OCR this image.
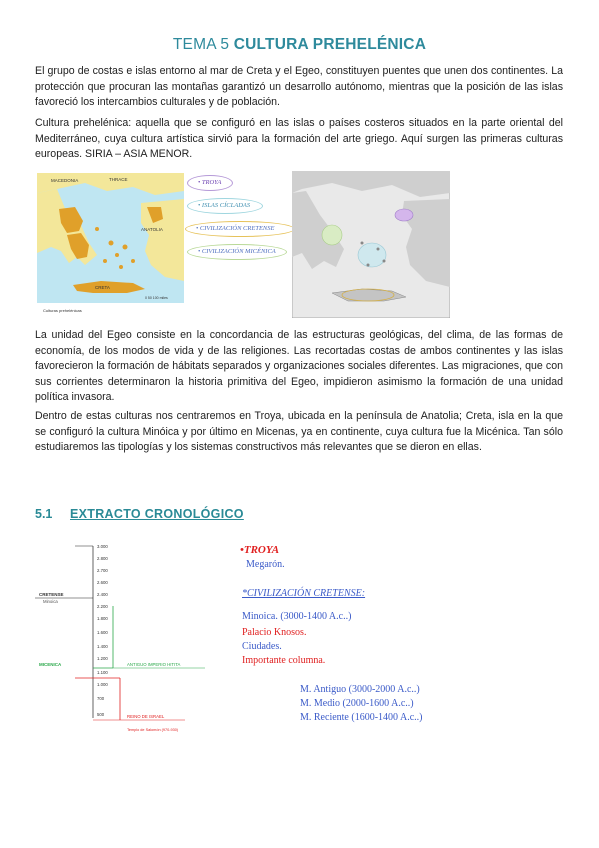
TEMA 5 CULTURA PREHELÉNICA

El grupo de costas e islas entorno al mar de Creta y el Egeo, constituyen puentes que unen dos continentes. La protección que procuran las montañas garantizó un desarrollo autónomo, mientras que la posición de las islas favoreció los intercambios culturales y de población.

Cultura prehelénica: aquella que se configuró en las islas o países costeros situados en la parte oriental del Mediterráneo, cuya cultura artística sirvió para la formación del arte griego. Aquí surgen las primeras culturas europeas. SIRIA – ASIA MENOR.

MACEDONIA	THRACE
ANATOLIA
CRETA
0 50 100 miles
Culturas prehelénicas
• TROYA
• ISLAS CÍCLADAS
• CIVILIZACIÓN CRETENSE
• CIVILIZACIÓN MICÉNICA

La unidad del Egeo consiste en la concordancia de las estructuras geológicas, del clima, de las formas de economía, de los modos de vida y de las religiones. Las recortadas costas de ambos continentes y las islas favorecieron la formación de hábitats separados y organizaciones sociales diferentes. Las migraciones, que con sus corrientes determinaron la historia primitiva del Egeo, impidieron asimismo la formación de una unidad política invasora.

Dentro de estas culturas nos centraremos en Troya, ubicada en la península de Anatolia; Creta, isla en la que se configuró la cultura Minóica y por último en Micenas, ya en continente, cuya cultura fue la Micénica. Tan sólo estudiaremos las tipologías y los sistemas constructivos más relevantes que se dieron en ellas.

5.1 EXTRACTO CRONOLÓGICO
3.000
2.800
2.700
2.600
2.400
2.200
1.800
1.600
1.400
1.200
1.100
1.000
700
500
CRETENSE
Minoica
MICENICA	ANTIGUO IMPERIO HITITA
REINO DE ISRAEL
Templo de Salomón (970-930)
•TROYA
Megarón.
*CIVILIZACIÓN CRETENSE:
Minoica. (3000-1400 A.c..)
Palacio Knosos.
Ciudades.
Importante columna.
M. Antiguo (3000-2000 A.c..)
M. Medio (2000-1600 A.c..)
M. Reciente (1600-1400 A.c..)
